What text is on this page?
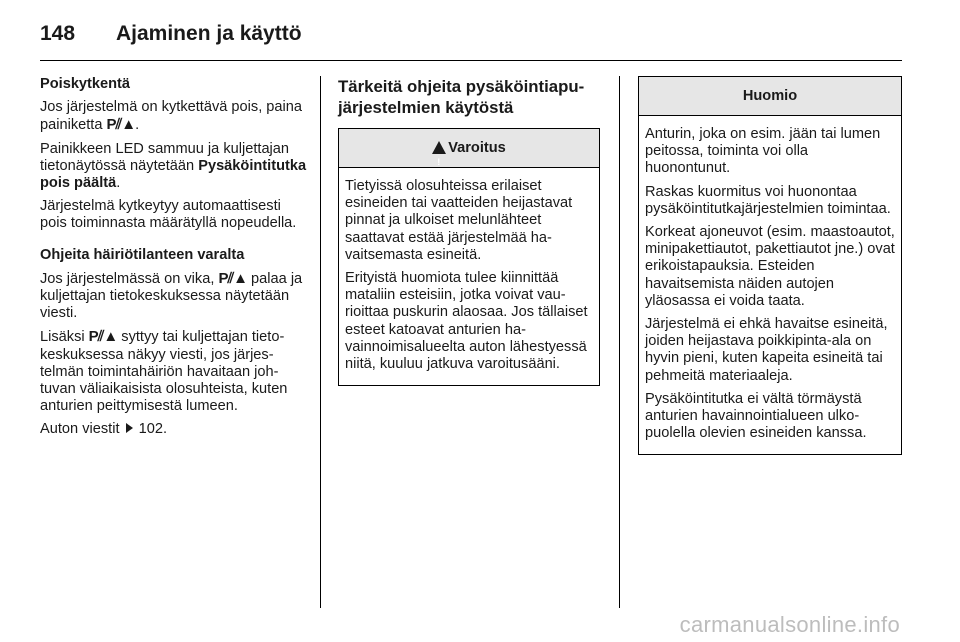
148 Ajaminen ja käyttö

Poiskytkentä

Jos järjestelmä on kytkettävä pois, paina painiketta P⫽▲.

Painikkeen LED sammuu ja kuljettajan tietonäytössä näytetään Pysäköintitutka pois päältä.

Järjestelmä kytkeytyy automaattisesti pois toiminnasta määrätyllä nopeudella.

Ohjeita häiriötilanteen varalta

Jos järjestelmässä on vika, P⫽▲ palaa ja kuljettajan tietokeskuksessa näytetään viesti.

Lisäksi P⫽▲ syttyy tai kuljettajan tietokeskuksessa näkyy viesti, jos järjestelmän toimintahäiriön havaitaan johtuvan väliaikaisista olosuhteista, kuten anturien peittymisestä lumeen.

Auton viestit  102.

Tärkeitä ohjeita pysäköintiapujärjestelmien käytöstä
!
Varoitus

Tietyissä olosuhteissa erilaiset esineiden tai vaatteiden heijastavat pinnat ja ulkoiset melunlähteet saattavat estää järjestelmää havaitsemasta esineitä.

Erityistä huomiota tulee kiinnittää mataliin esteisiin, jotka voivat vaurioittaa puskurin alaosaa. Jos tällaiset esteet katoavat anturien havainnoimisalueelta auton lähestyessä niitä, kuuluu jatkuva varoitusääni.

Huomio

Anturin, joka on esim. jään tai lumen peitossa, toiminta voi olla huonontunut.

Raskas kuormitus voi huonontaa pysäköintitutkajärjestelmien toimintaa.

Korkeat ajoneuvot (esim. maastoautot, minipakettiautot, pakettiautot jne.) ovat erikoistapauksia. Esteiden havaitsemista näiden autojen yläosassa ei voida taata.

Järjestelmä ei ehkä havaitse esineitä, joiden heijastava poikkipinta-ala on hyvin pieni, kuten kapeita esineitä tai pehmeitä materiaaleja.

Pysäköintitutka ei vältä törmäystä anturien havainnointialueen ulkopuolella olevien esineiden kanssa.

carmanualsonline.info
